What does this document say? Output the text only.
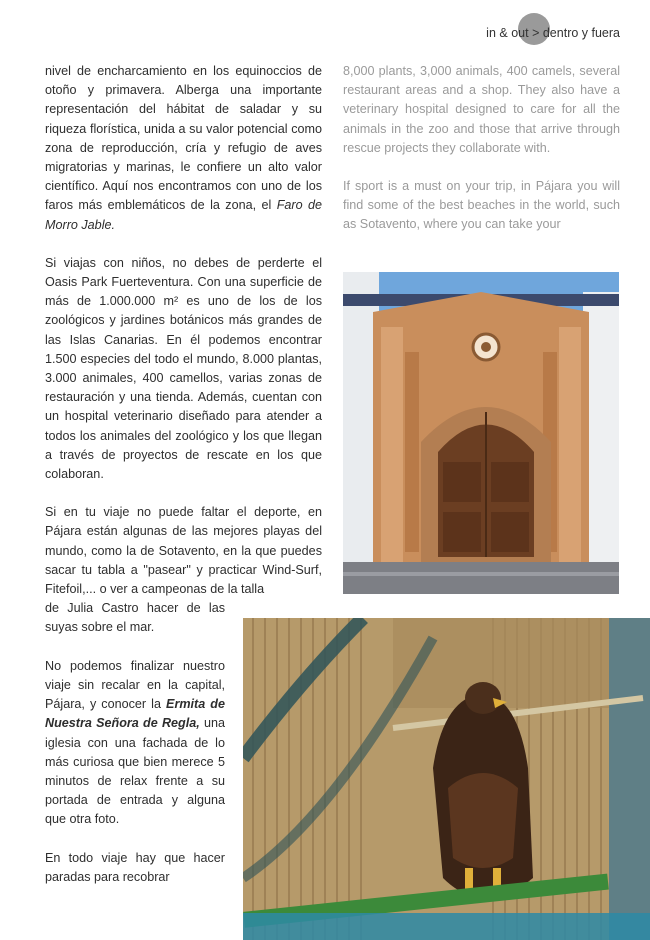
in
& out
>
dentro y fuera

nivel de encharcamiento en los equinoccios de otoño y primavera. Alberga una importante representación del hábitat de saladar y su riqueza florística, unida a su valor potencial como zona de reproducción, cría y refugio de aves migratorias y marinas, le confiere un alto valor científico. Aquí nos encontramos con uno de los faros más emblemáticos de la zona, el Faro de Morro Jable.

Si viajas con niños, no debes de perderte el Oasis Park Fuerteventura. Con una superficie de más de 1.000.000 m² es uno de los de los zoológicos y jardines botánicos más grandes de las Islas Canarias. En él podemos encontrar 1.500 especies del todo el mundo, 8.000 plantas, 3.000 animales, 400 camellos, varias zonas de restauración y una tienda. Además, cuentan con un hospital veterinario diseñado para atender a todos los animales del zoológico y los que llegan a través de proyectos de rescate en los que colaboran.

Si en tu viaje no puede faltar el deporte, en Pájara están algunas de las mejores playas del mundo, como la de Sotavento, en la que puedes sacar tu tabla a "pasear" y practicar Wind-Surf, Fitefoil,... o ver a campeonas de la talla

de Julia Castro hacer de las suyas sobre el mar.

No podemos finalizar nuestro viaje sin recalar en la capital, Pájara, y conocer la Ermita de Nuestra Señora de Regla, una iglesia con una fachada de lo más curiosa que bien merece 5 minutos de relax frente a su portada de entrada y alguna que otra foto.

En todo viaje hay que hacer paradas para recobrar

8,000 plants, 3,000 animals, 400 camels, several restaurant areas and a shop. They also have a veterinary hospital designed to care for all the animals in the zoo and those that arrive through rescue projects they collaborate with.

If sport is a must on your trip, in Pájara you will find some of the best beaches in the world, such as Sotavento, where you can take your
